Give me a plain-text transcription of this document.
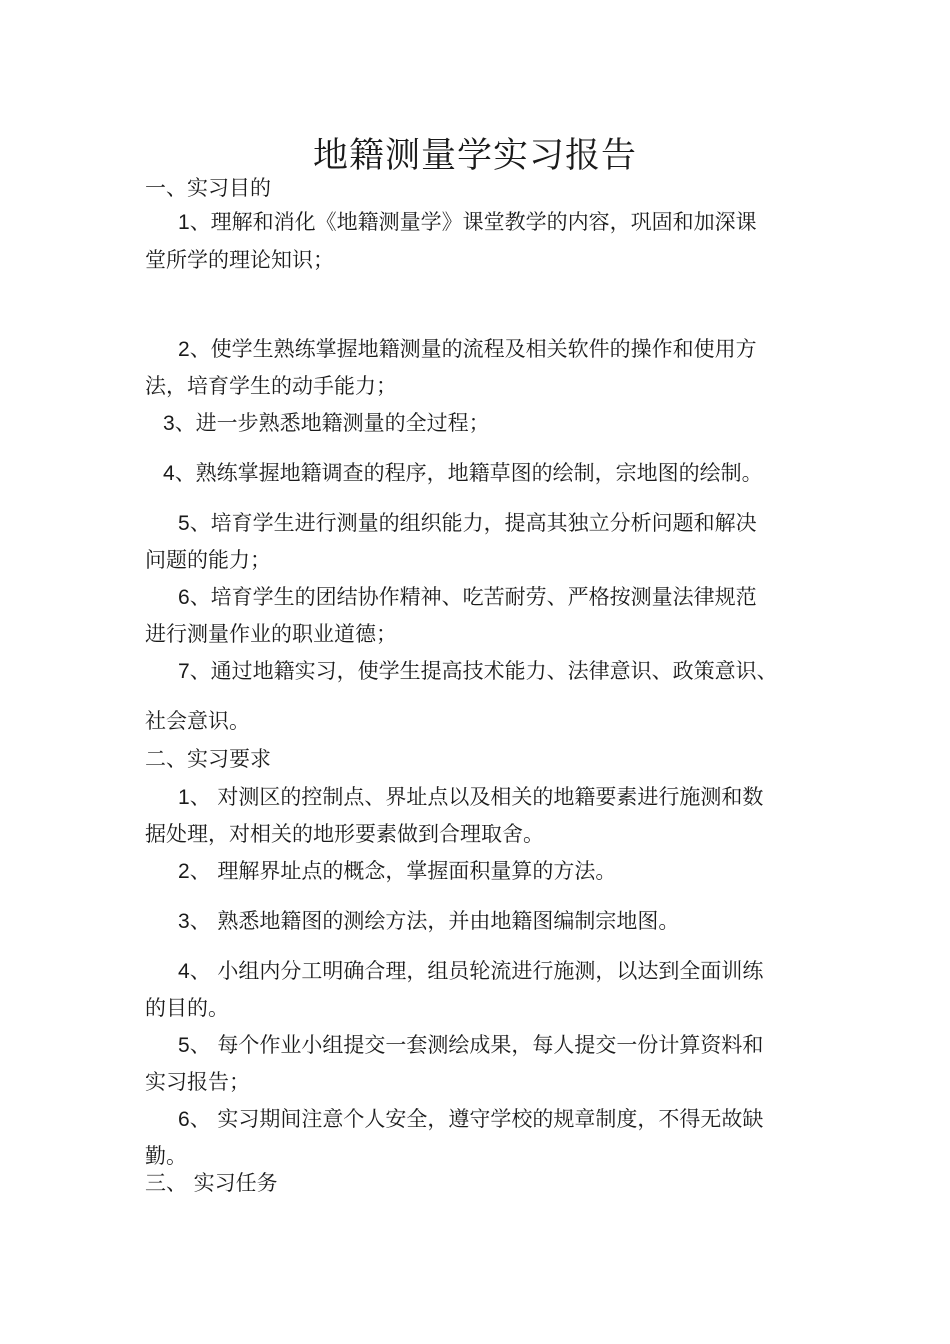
地籍测量学实习报告
一、实习目的
1、理解和消化《地籍测量学》课堂教学的内容，巩固和加深课
堂所学的理论知识；
2、使学生熟练掌握地籍测量的流程及相关软件的操作和使用方
法，培育学生的动手能力；
3、进一步熟悉地籍测量的全过程；
4、熟练掌握地籍调查的程序，地籍草图的绘制，宗地图的绘制。
5、培育学生进行测量的组织能力，提高其独立分析问题和解决
问题的能力；
6、培育学生的团结协作精神、吃苦耐劳、严格按测量法律规范
进行测量作业的职业道德；
7、通过地籍实习，使学生提高技术能力、法律意识、政策意识、
社会意识。
二、实习要求
1、 对测区的控制点、界址点以及相关的地籍要素进行施测和数
据处理，对相关的地形要素做到合理取舍。
2、 理解界址点的概念，掌握面积量算的方法。
3、 熟悉地籍图的测绘方法，并由地籍图编制宗地图。
4、 小组内分工明确合理，组员轮流进行施测，以达到全面训练
的目的。
5、 每个作业小组提交一套测绘成果，每人提交一份计算资料和
实习报告；
6、 实习期间注意个人安全，遵守学校的规章制度，不得无故缺
勤。
三、 实习任务
